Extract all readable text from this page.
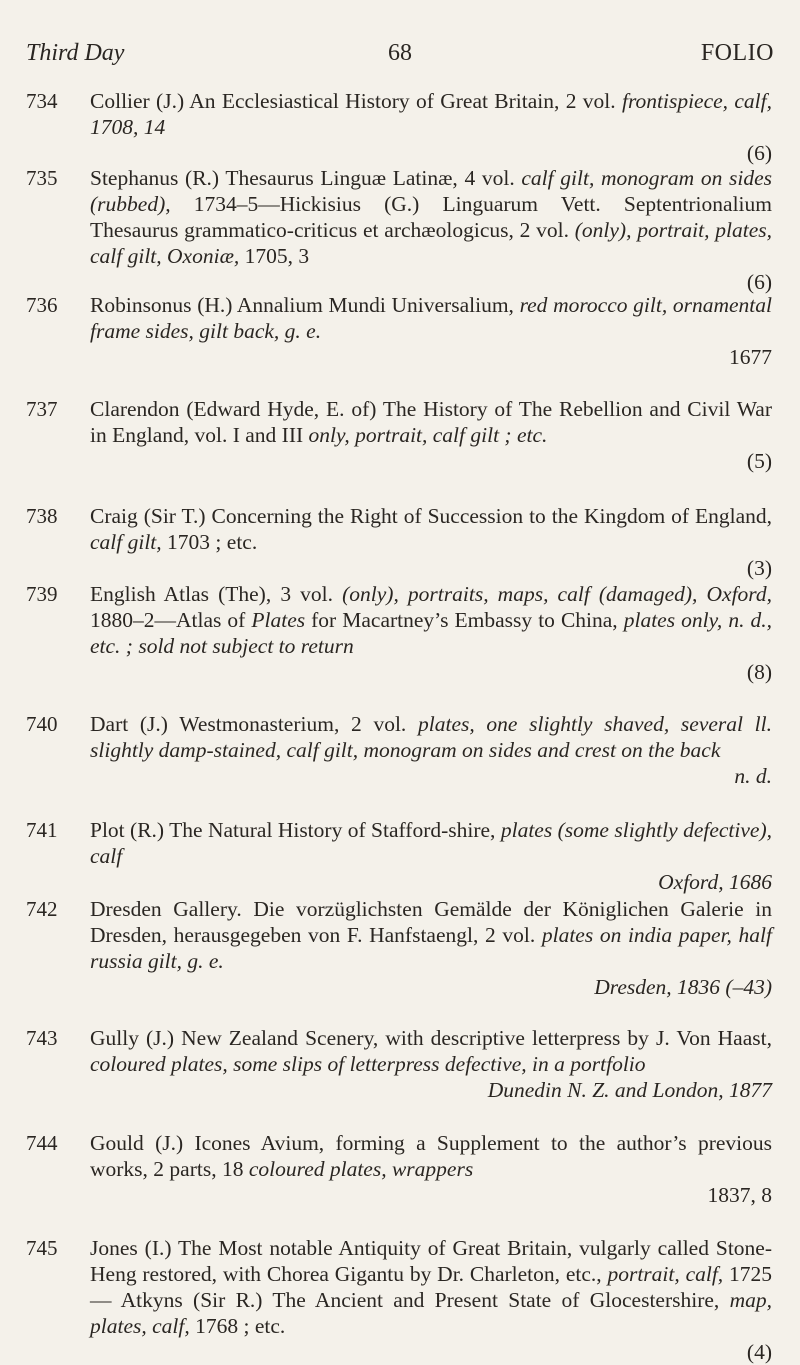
Third Day	68	FOLIO
734	Collier (J.) An Ecclesiastical History of Great Britain, 2 vol. frontispiece, calf, 1708, 14
(6)
735	Stephanus (R.) Thesaurus Linguæ Latinæ, 4 vol. calf gilt, monogram on sides (rubbed), 1734–5—Hickisius (G.) Linguarum Vett. Septentrionalium Thesaurus grammatico-criticus et archæologicus, 2 vol. (only), portrait, plates, calf gilt, Oxoniæ, 1705, 3
(6)
736	Robinsonus (H.) Annalium Mundi Universalium, red morocco gilt, ornamental frame sides, gilt back, g. e.
1677
737	Clarendon (Edward Hyde, E. of) The History of The Rebellion and Civil War in England, vol. I and III only, portrait, calf gilt ; etc.
(5)
738	Craig (Sir T.) Concerning the Right of Succession to the Kingdom of England, calf gilt, 1703 ; etc.
(3)
739	English Atlas (The), 3 vol. (only), portraits, maps, calf (damaged), Oxford, 1880–2—Atlas of Plates for Macartney’s Embassy to China, plates only, n. d., etc. ; sold not subject to return
(8)
740	Dart (J.) Westmonasterium, 2 vol. plates, one slightly shaved, several ll. slightly damp-stained, calf gilt, monogram on sides and crest on the back
n. d.
741	Plot (R.) The Natural History of Stafford-shire, plates (some slightly defective), calf
Oxford, 1686
742	Dresden Gallery. Die vorzüglichsten Gemälde der Königlichen Galerie in Dresden, herausgegeben von F. Hanfstaengl, 2 vol. plates on india paper, half russia gilt, g. e.
Dresden, 1836 (–43)
743	Gully (J.) New Zealand Scenery, with descriptive letterpress by J. Von Haast, coloured plates, some slips of letterpress defective, in a portfolio
Dunedin N. Z. and London, 1877
744	Gould (J.) Icones Avium, forming a Supplement to the author’s previous works, 2 parts, 18 coloured plates, wrappers
1837, 8
745	Jones (I.) The Most notable Antiquity of Great Britain, vulgarly called Stone-Heng restored, with Chorea Gigantu by Dr. Charleton, etc., portrait, calf, 1725— Atkyns (Sir R.) The Ancient and Present State of Glocestershire, map, plates, calf, 1768 ; etc.
(4)
